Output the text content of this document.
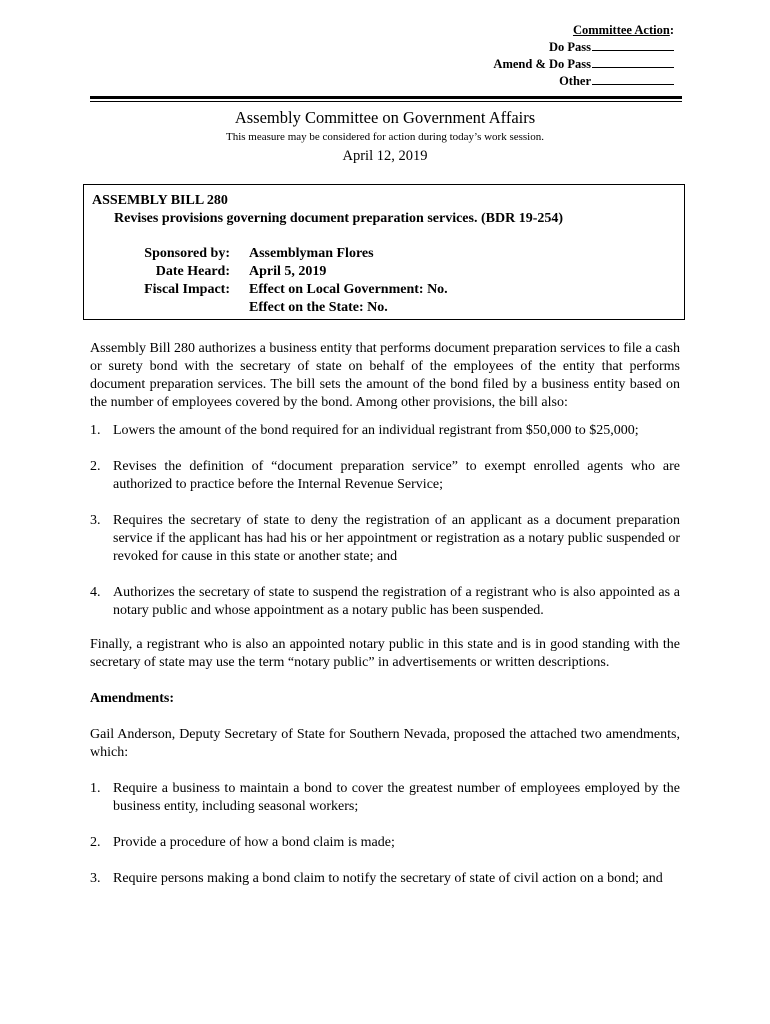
Committee Action:
Do Pass
Amend & Do Pass
Other
Assembly Committee on Government Affairs
This measure may be considered for action during today’s work session.
April 12, 2019
ASSEMBLY BILL 280
Revises provisions governing document preparation services. (BDR 19-254)
Sponsored by:
Date Heard:
Fiscal Impact:
Assemblyman Flores
April 5, 2019
Effect on Local Government: No.
Effect on the State: No.

Assembly Bill 280 authorizes a business entity that performs document preparation services to file a cash or surety bond with the secretary of state on behalf of the employees of the entity that performs document preparation services. The bill sets the amount of the bond filed by a business entity based on the number of employees covered by the bond. Among other provisions, the bill also:

1. Lowers the amount of the bond required for an individual registrant from $50,000 to $25,000;
2. Revises the definition of “document preparation service” to exempt enrolled agents who are authorized to practice before the Internal Revenue Service;
3. Requires the secretary of state to deny the registration of an applicant as a document preparation service if the applicant has had his or her appointment or registration as a notary public suspended or revoked for cause in this state or another state; and
4. Authorizes the secretary of state to suspend the registration of a registrant who is also appointed as a notary public and whose appointment as a notary public has been suspended.

Finally, a registrant who is also an appointed notary public in this state and is in good standing with the secretary of state may use the term “notary public” in advertisements or written descriptions.

Amendments:

Gail Anderson, Deputy Secretary of State for Southern Nevada, proposed the attached two amendments, which:

1. Require a business to maintain a bond to cover the greatest number of employees employed by the business entity, including seasonal workers;
2. Provide a procedure of how a bond claim is made;
3. Require persons making a bond claim to notify the secretary of state of civil action on a bond; and
